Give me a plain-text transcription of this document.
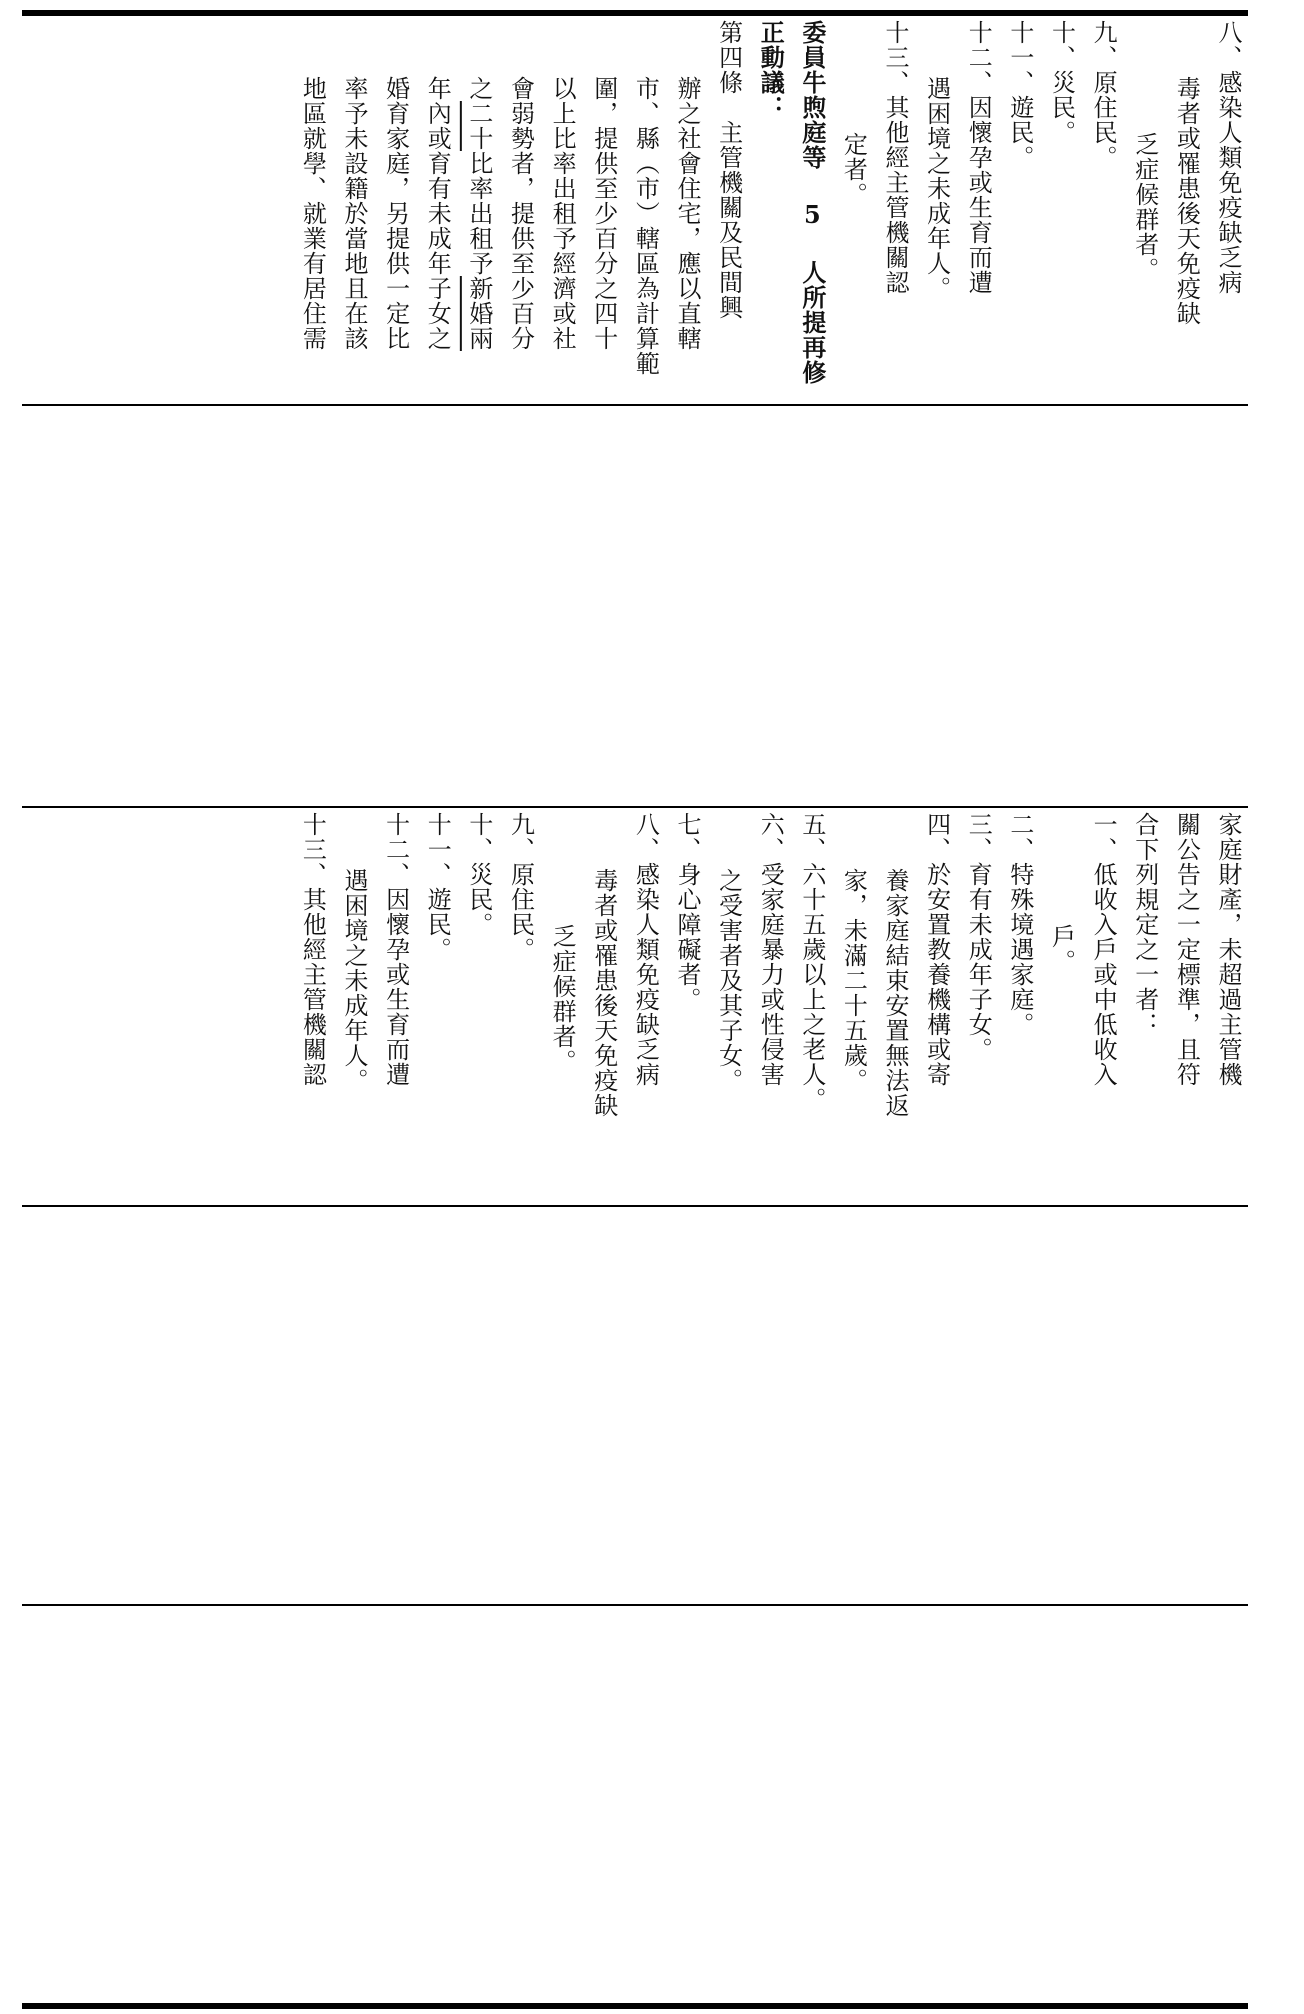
八、感染人類免疫缺乏病
毒者或罹患後天免疫缺
乏症候群者。
九、原住民。
十、災民。
十一、遊民。
十二、因懷孕或生育而遭
遇困境之未成年人。
十三、其他經主管機關認
定者。
委員牛煦庭等 5 人所提再修
正動議：
第四條　主管機關及民間興
辦之社會住宅，應以直轄
市、縣（市）轄區為計算範
圍，提供至少百分之四十
以上比率出租予經濟或社
會弱勢者，提供至少百分
之二十比率出租予新婚兩
年內或育有未成年子女之
婚育家庭，另提供一定比
率予未設籍於當地且在該
地區就學、就業有居住需
家庭財產，未超過主管機
關公告之一定標準，且符
合下列規定之一者：
一、低收入戶或中低收入
戶。
二、特殊境遇家庭。
三、育有未成年子女。
四、於安置教養機構或寄
養家庭結束安置無法返
家，未滿二十五歲。
五、六十五歲以上之老人。
六、受家庭暴力或性侵害
之受害者及其子女。
七、身心障礙者。
八、感染人類免疫缺乏病
毒者或罹患後天免疫缺
乏症候群者。
九、原住民。
十、災民。
十一、遊民。
十二、因懷孕或生育而遭
遇困境之未成年人。
十三、其他經主管機關認
